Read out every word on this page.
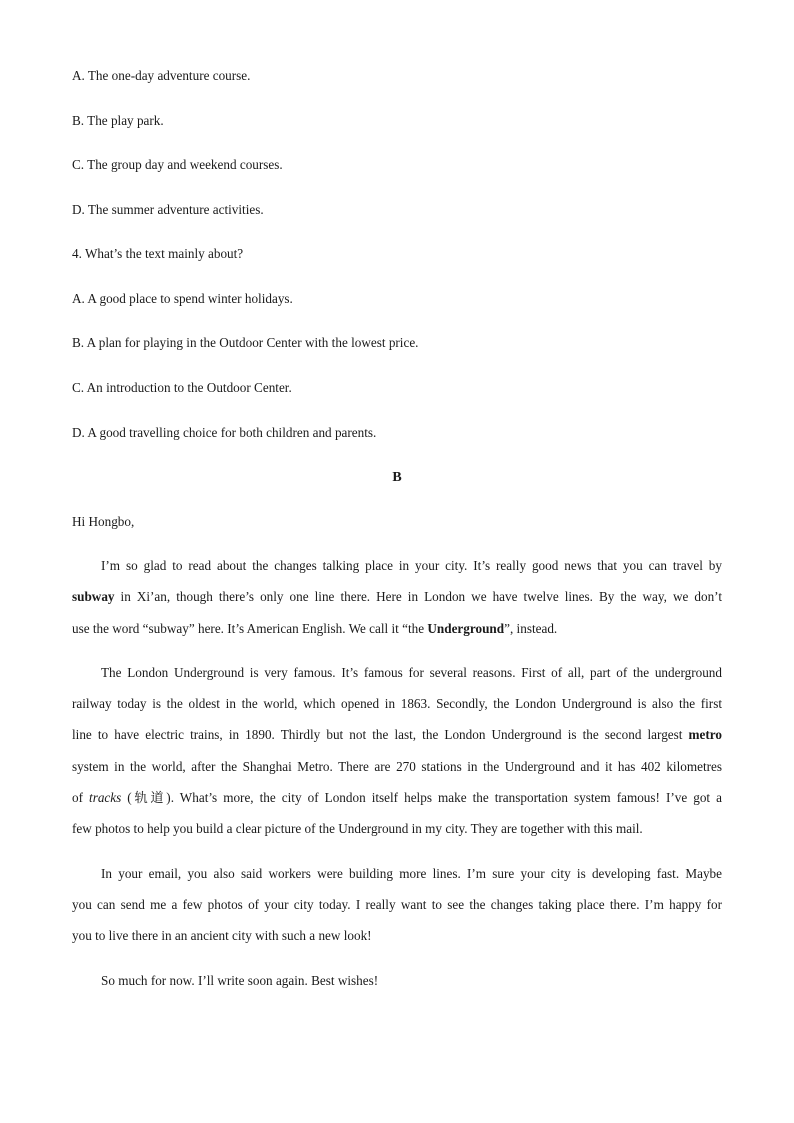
A. The one-day adventure course.
B. The play park.
C. The group day and weekend courses.
D. The summer adventure activities.
4. What’s the text mainly about?
A. A good place to spend winter holidays.
B. A plan for playing in the Outdoor Center with the lowest price.
C. An introduction to the Outdoor Center.
D. A good travelling choice for both children and parents.
B
Hi Hongbo,
I’m so glad to read about the changes talking place in your city. It’s really good news that you can travel by
subway in Xi’an, though there’s only one line there. Here in London we have twelve lines. By the way, we don’t
use the word “subway” here. It’s American English. We call it “the Underground”, instead.
The London Underground is very famous. It’s famous for several reasons. First of all, part of the underground
railway today is the oldest in the world, which opened in 1863. Secondly, the London Underground is also the first
line to have electric trains, in 1890. Thirdly but not the last, the London Underground is the second largest metro
system in the world, after the Shanghai Metro. There are 270 stations in the Underground and it has 402 kilometres
of tracks (轨道). What’s more, the city of London itself helps make the transportation system famous! I’ve got a
few photos to help you build a clear picture of the Underground in my city. They are together with this mail.
In your email, you also said workers were building more lines. I’m sure your city is developing fast. Maybe
you can send me a few photos of your city today. I really want to see the changes taking place there. I’m happy for
you to live there in an ancient city with such a new look!
So much for now. I’ll write soon again. Best wishes!
